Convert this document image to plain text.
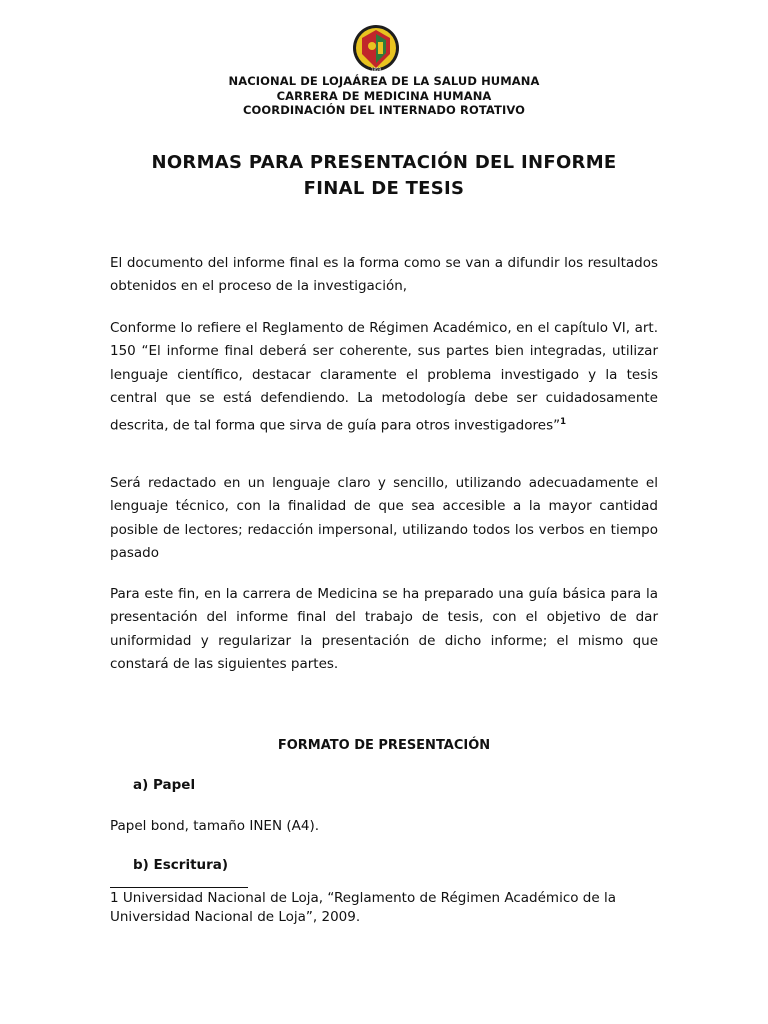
1859
NACIONAL DE LOJAÁREA DE LA SALUD HUMANA
CARRERA DE MEDICINA HUMANA
COORDINACIÓN DEL INTERNADO ROTATIVO
NORMAS PARA PRESENTACIÓN DEL INFORME
FINAL DE TESIS
El documento del informe final es la forma como se van a difundir los resultados obtenidos en el proceso de la investigación,
Conforme lo refiere el Reglamento de Régimen Académico, en el capítulo VI, art. 150 “El informe final deberá ser coherente, sus partes bien integradas, utilizar lenguaje científico, destacar claramente el problema investigado y la tesis central que se está defendiendo. La metodología debe ser cuidadosamente descrita, de tal forma que sirva de guía para otros investigadores”$^1$
Será redactado en un lenguaje claro y sencillo, utilizando adecuadamente el lenguaje técnico, con la finalidad de que sea accesible a la mayor cantidad posible de lectores; redacción impersonal, utilizando todos los verbos en tiempo pasado
Para este fin, en la carrera de Medicina se ha preparado una guía básica para la presentación del informe final del trabajo de tesis, con el objetivo de dar uniformidad y regularizar la presentación de dicho informe; el mismo que constará de las siguientes partes.
FORMATO DE PRESENTACIÓN
a) Papel
Papel bond, tamaño INEN (A4).
b) Escritura)
1 Universidad Nacional de Loja, “Reglamento de Régimen Académico de la
Universidad Nacional de Loja”, 2009.
